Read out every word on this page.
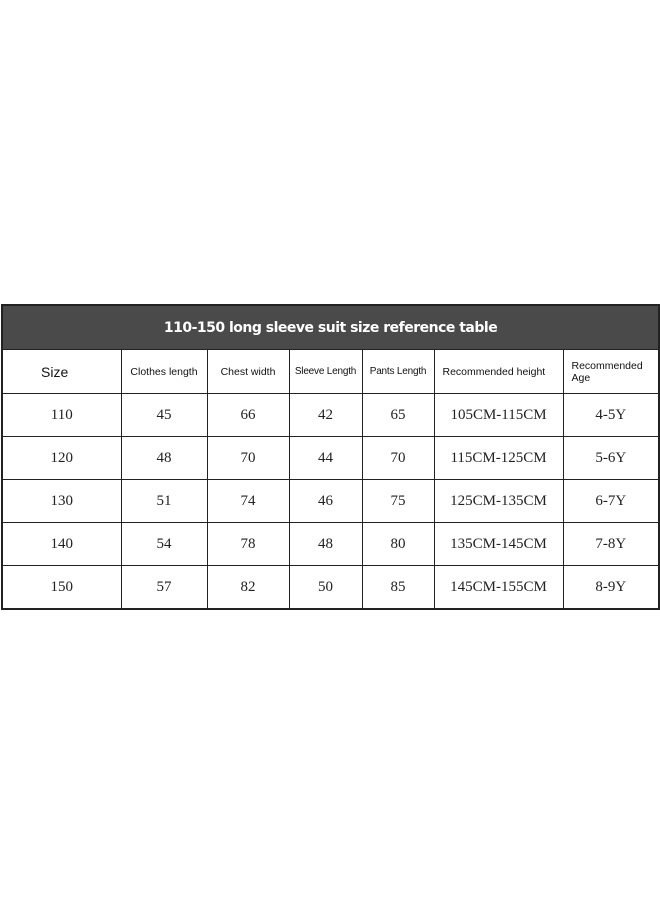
110-150 long sleeve suit size reference table						
Size	Clothes length	Chest width	Sleeve Length	Pants Length	Recommended height	Recommended Age
110	45	66	42	65	105CM-115CM	4-5Y
120	48	70	44	70	115CM-125CM	5-6Y
130	51	74	46	75	125CM-135CM	6-7Y
140	54	78	48	80	135CM-145CM	7-8Y
150	57	82	50	85	145CM-155CM	8-9Y
